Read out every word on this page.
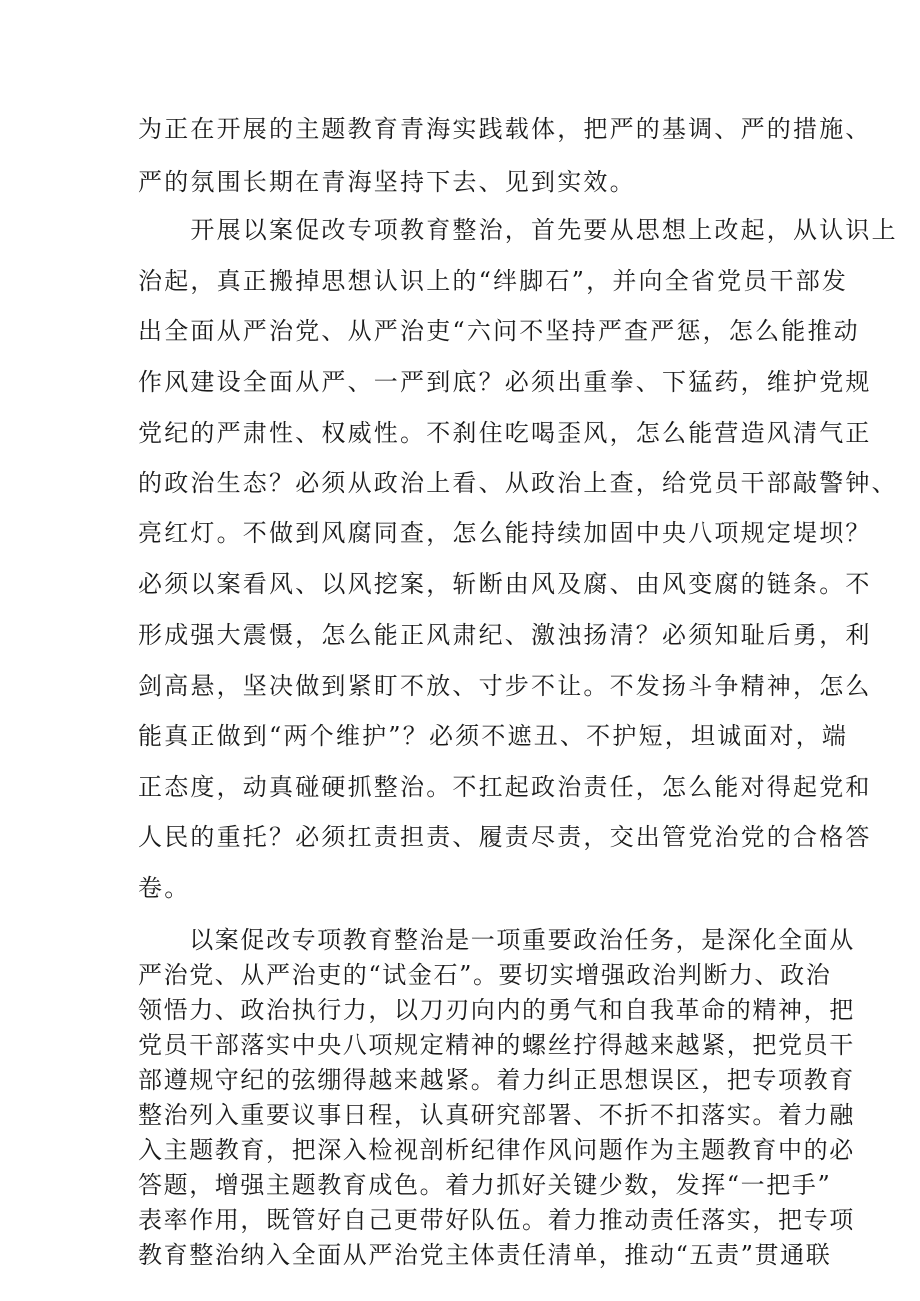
为正在开展的主题教育青海实践载体，把严的基调、严的措施、

严的氛围长期在青海坚持下去、见到实效。

　　开展以案促改专项教育整治，首先要从思想上改起，从认识上

治起，真正搬掉思想认识上的“绊脚石”，并向全省党员干部发

出全面从严治党、从严治吏“六问不坚持严查严惩，怎么能推动

作风建设全面从严、一严到底？必须出重拳、下猛药，维护党规

党纪的严肃性、权威性。不刹住吃喝歪风，怎么能营造风清气正

的政治生态？必须从政治上看、从政治上查，给党员干部敲警钟、

亮红灯。不做到风腐同查，怎么能持续加固中央八项规定堤坝？

必须以案看风、以风挖案，斩断由风及腐、由风变腐的链条。不

形成强大震慑，怎么能正风肃纪、激浊扬清？必须知耻后勇，利

剑高悬，坚决做到紧盯不放、寸步不让。不发扬斗争精神，怎么

能真正做到“两个维护”？必须不遮丑、不护短，坦诚面对，端

正态度，动真碰硬抓整治。不扛起政治责任，怎么能对得起党和

人民的重托？必须扛责担责、履责尽责，交出管党治党的合格答

卷。

　　以案促改专项教育整治是一项重要政治任务，是深化全面从

严治党、从严治吏的“试金石”。要切实增强政治判断力、政治

领悟力、政治执行力，以刀刃向内的勇气和自我革命的精神，把

党员干部落实中央八项规定精神的螺丝拧得越来越紧，把党员干

部遵规守纪的弦绷得越来越紧。着力纠正思想误区，把专项教育

整治列入重要议事日程，认真研究部署、不折不扣落实。着力融

入主题教育，把深入检视剖析纪律作风问题作为主题教育中的必

答题，增强主题教育成色。着力抓好关键少数，发挥“一把手”

表率作用，既管好自己更带好队伍。着力推动责任落实，把专项

教育整治纳入全面从严治党主体责任清单，推动“五责”贯通联
